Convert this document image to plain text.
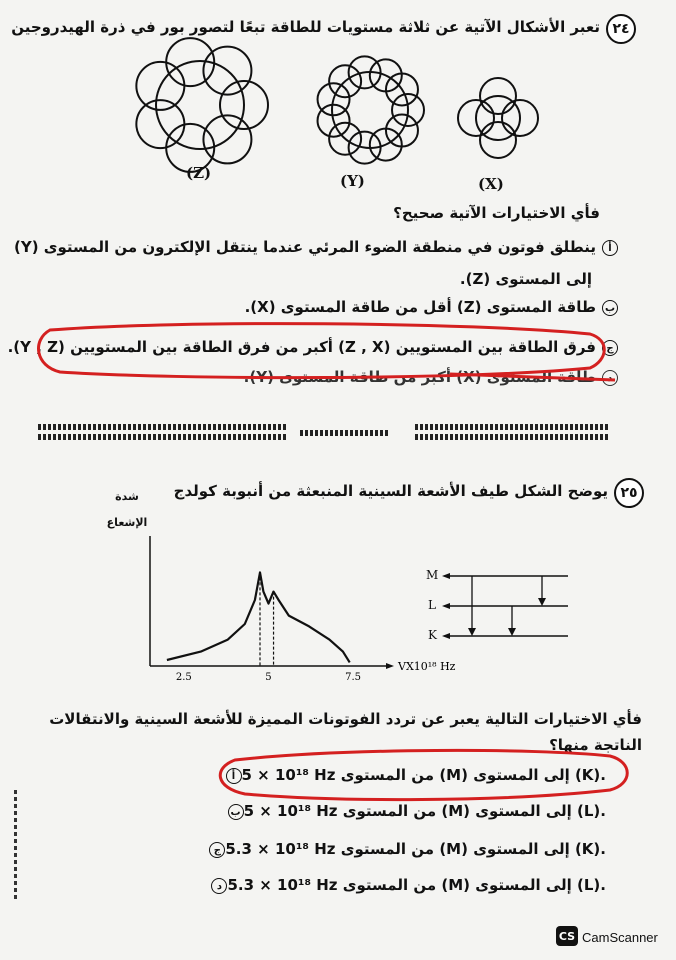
٢٤
تعبر الأشكال الآتية عن ثلاثة مستويات للطاقة تبعًا لتصور بور في ذرة الهيدروجين
(Z)	(Y)	(X)
فأي الاختيارات الآتية صحيح؟
أينطلق فوتون في منطقة الضوء المرئي عندما ينتقل الإلكترون من المستوى (Y)
إلى المستوى (Z).
بطاقة المستوى (Z) أقل من طاقة المستوى (X).
جفرق الطاقة بين المستويين (Z , X) أكبر من فرق الطاقة بين المستويين (Y , Z).
دطاقة المستوى (X) أكبر من طاقة المستوى (Y).
٢٥
يوضح الشكل طيف الأشعة السينية المنبعثة من أنبوبة كولدج
شدة الإشعاع
2.5	5	7.5
VX10¹⁸ Hz
M
L
K
فأي الاختيارات التالية يعبر عن تردد الفوتونات المميزة للأشعة السينية والانتقالات الناتجة منها؟
أ 5 × 10¹⁸ Hz من المستوى (M) إلى المستوى (K).
ب 5 × 10¹⁸ Hz من المستوى (M) إلى المستوى (L).
ج 5.3 × 10¹⁸ Hz من المستوى (M) إلى المستوى (K).
د 5.3 × 10¹⁸ Hz من المستوى (M) إلى المستوى (L).
CS CamScanner
